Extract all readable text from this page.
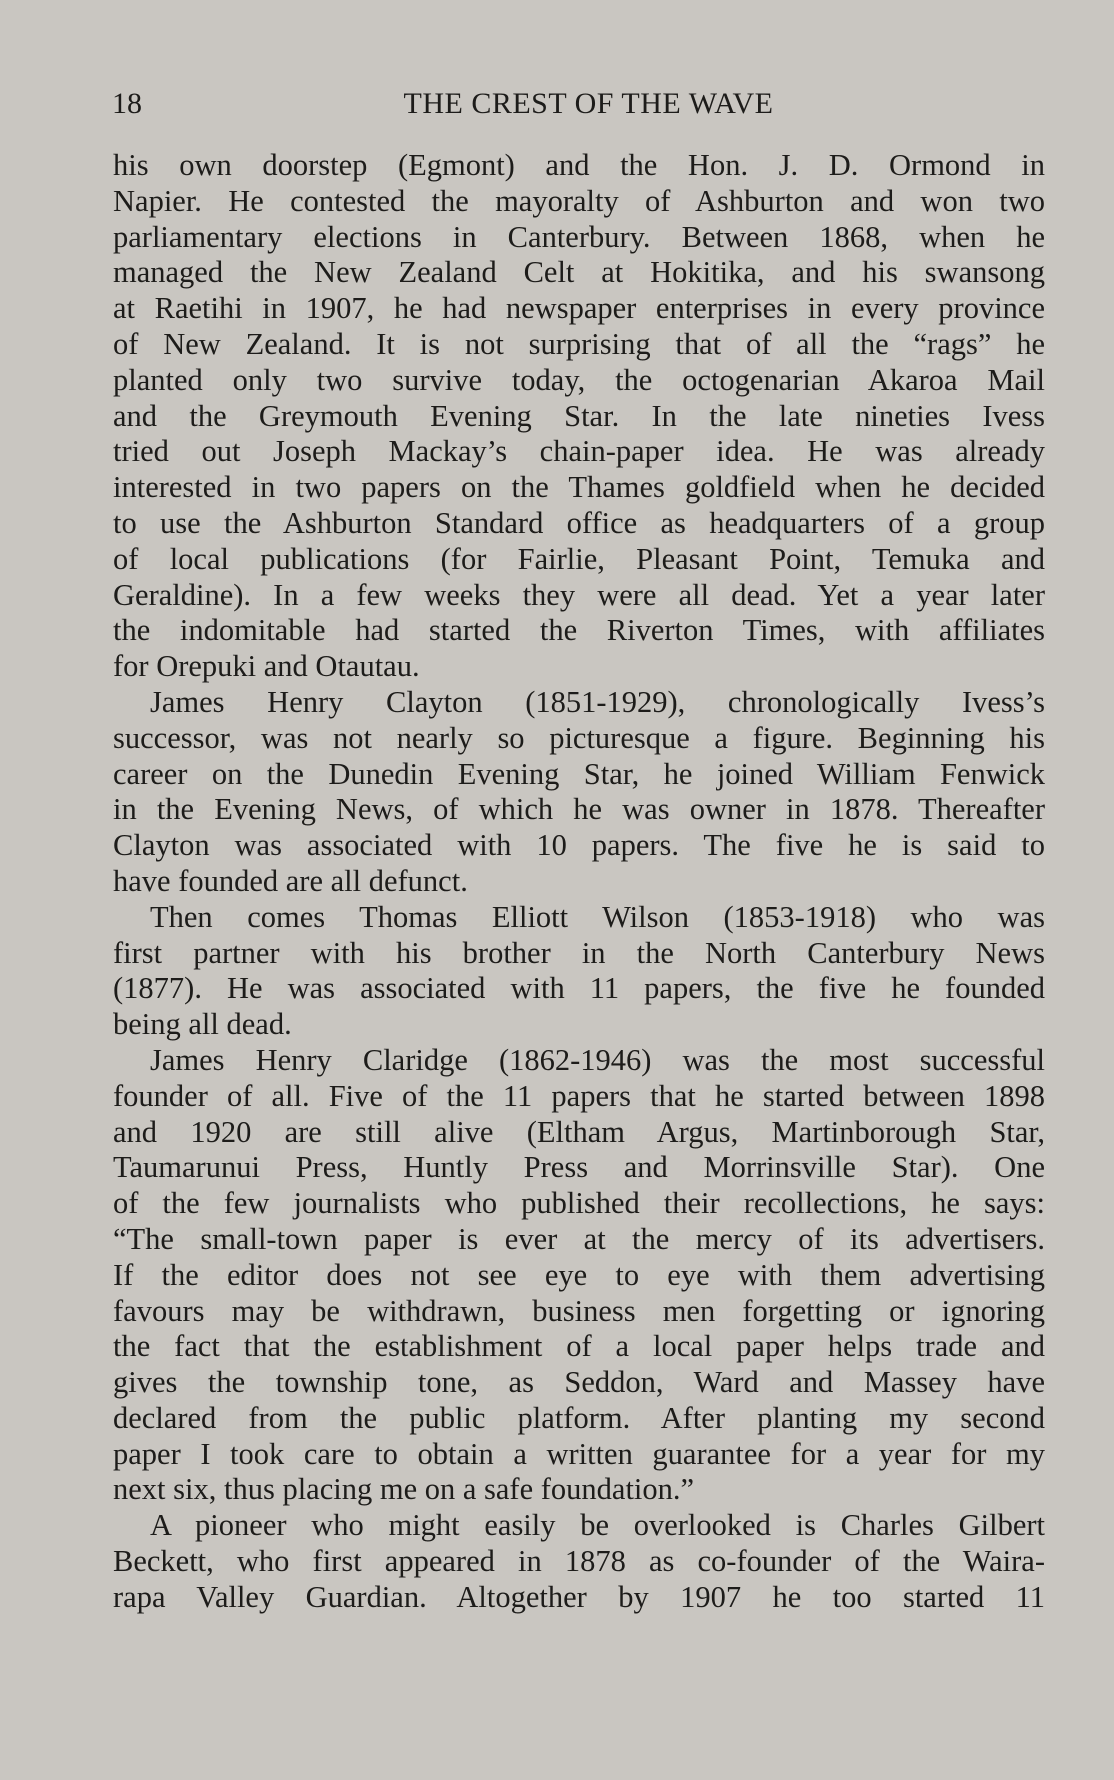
18	THE CREST OF THE WAVE
his own doorstep (Egmont) and the Hon. J. D. Ormond in
Napier. He contested the mayoralty of Ashburton and won two
parliamentary elections in Canterbury. Between 1868, when he
managed the New Zealand Celt at Hokitika, and his swansong
at Raetihi in 1907, he had newspaper enterprises in every province
of New Zealand. It is not surprising that of all the “rags” he
planted only two survive today, the octogenarian Akaroa Mail
and the Greymouth Evening Star. In the late nineties Ivess
tried out Joseph Mackay’s chain-paper idea. He was already
interested in two papers on the Thames goldfield when he decided
to use the Ashburton Standard office as headquarters of a group
of local publications (for Fairlie, Pleasant Point, Temuka and
Geraldine). In a few weeks they were all dead. Yet a year later
the indomitable had started the Riverton Times, with affiliates
for Orepuki and Otautau.
James Henry Clayton (1851-1929), chronologically Ivess’s
successor, was not nearly so picturesque a figure. Beginning his
career on the Dunedin Evening Star, he joined William Fenwick
in the Evening News, of which he was owner in 1878. Thereafter
Clayton was associated with 10 papers. The five he is said to
have founded are all defunct.
Then comes Thomas Elliott Wilson (1853-1918) who was
first partner with his brother in the North Canterbury News
(1877). He was associated with 11 papers, the five he founded
being all dead.
James Henry Claridge (1862-1946) was the most successful
founder of all. Five of the 11 papers that he started between 1898
and 1920 are still alive (Eltham Argus, Martinborough Star,
Taumarunui Press, Huntly Press and Morrinsville Star). One
of the few journalists who published their recollections, he says:
“The small-town paper is ever at the mercy of its advertisers.
If the editor does not see eye to eye with them advertising
favours may be withdrawn, business men forgetting or ignoring
the fact that the establishment of a local paper helps trade and
gives the township tone, as Seddon, Ward and Massey have
declared from the public platform. After planting my second
paper I took care to obtain a written guarantee for a year for my
next six, thus placing me on a safe foundation.”
A pioneer who might easily be overlooked is Charles Gilbert
Beckett, who first appeared in 1878 as co-founder of the Waira-
rapa Valley Guardian. Altogether by 1907 he too started 11
